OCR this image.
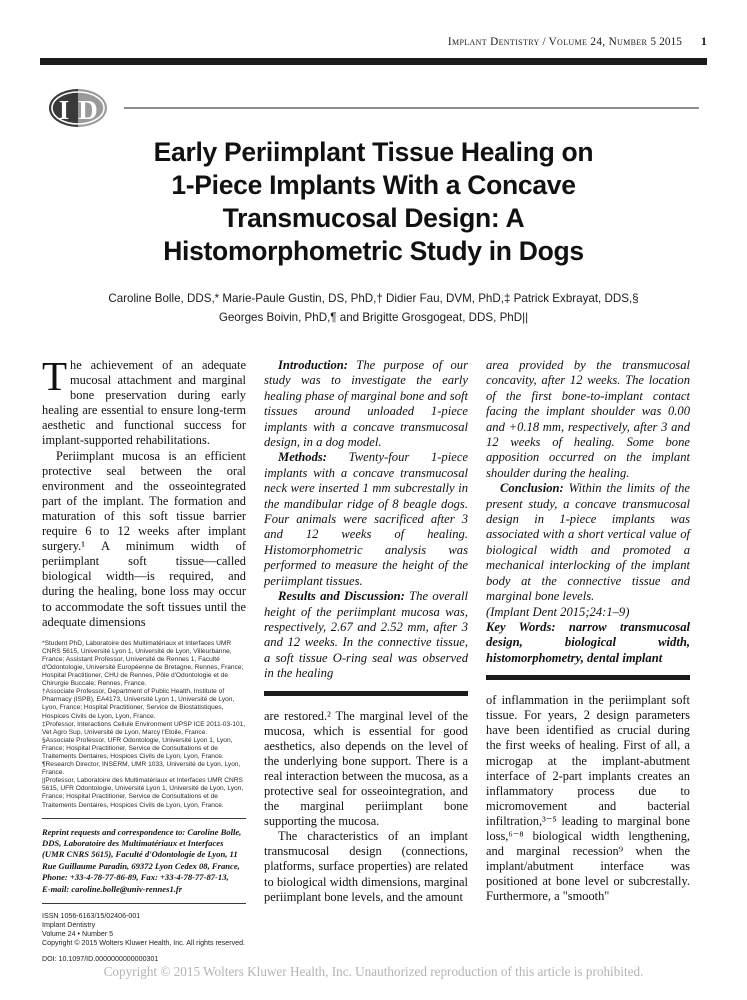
Implant Dentistry / Volume 24, Number 5 2015 1
I D
Early Periimplant Tissue Healing on
1-Piece Implants With a Concave
Transmucosal Design: A
Histomorphometric Study in Dogs
Caroline Bolle, DDS,* Marie-Paule Gustin, DS, PhD,† Didier Fau, DVM, PhD,‡ Patrick Exbrayat, DDS,§
Georges Boivin, PhD,¶ and Brigitte Grosgogeat, DDS, PhD||

The achievement of an adequate mucosal attachment and marginal bone preservation during early healing are essential to ensure long-term aesthetic and functional success for implant-supported rehabilitations.

Periimplant mucosa is an efficient protective seal between the oral environment and the osseointegrated part of the implant. The formation and maturation of this soft tissue barrier require 6 to 12 weeks after implant surgery.¹ A minimum width of periimplant soft tissue—called biological width—is required, and during the healing, bone loss may occur to accommodate the soft tissues until the adequate dimensions

*Student PhD, Laboratoire des Multimatériaux et Interfaces UMR CNRS 5615, Université Lyon 1, Université de Lyon, Villeurbanne, France; Assistant Professor, Université de Rennes 1, Faculté d'Odontologie, Université Européenne de Bretagne, Rennes, France; Hospital Practitioner, CHU de Rennes, Pôle d'Odontologie et de Chirurgie Buccale, Rennes, France.

†Associate Professor, Department of Public Health, Institute of Pharmacy (ISPB), EA4173, Université Lyon 1, Université de Lyon, Lyon, France; Hospital Practitioner, Service de Biostatistiques, Hospices Civils de Lyon, Lyon, France.

‡Professor, Interactions Cellule Environment UPSP ICE 2011-03-101, Vet Agro Sup, Université de Lyon, Marcy l'Etoile, France.

§Associate Professor, UFR Odontologie, Université Lyon 1, Lyon, France; Hospital Practitioner, Service de Consultations et de Traitements Dentaires, Hospices Civils de Lyon, Lyon, France.

¶Research Director, INSERM, UMR 1033, Université de Lyon, Lyon, France.

||Professor, Laboratoire des Multimatériaux et Interfaces UMR CNRS 5615, UFR Odontologie, Université Lyon 1, Université de Lyon, Lyon, France; Hospital Practitioner, Service de Consultations et de Traitements Dentaires, Hospices Civils de Lyon, Lyon, France.

Reprint requests and correspondence to: Caroline Bolle,

DDS, Laboratoire des Multimatériaux et Interfaces

(UMR CNRS 5615), Faculté d'Odontologie de Lyon, 11

Rue Guillaume Paradin, 69372 Lyon Cedex 08, France,

Phone: +33-4-78-77-86-89, Fax: +33-4-78-77-87-13,

E-mail: caroline.bolle@univ-rennes1.fr

ISSN 1056-6163/15/02406-001

Implant Dentistry

Volume 24 • Number 5

Copyright © 2015 Wolters Kluwer Health, Inc. All rights reserved.

DOI: 10.1097/ID.0000000000000301

Introduction: The purpose of our study was to investigate the early healing phase of marginal bone and soft tissues around unloaded 1-piece implants with a concave transmucosal design, in a dog model.

Methods: Twenty-four 1-piece implants with a concave transmucosal neck were inserted 1 mm subcrestally in the mandibular ridge of 8 beagle dogs. Four animals were sacrificed after 3 and 12 weeks of healing. Histomorphometric analysis was performed to measure the height of the periimplant tissues.

Results and Discussion: The overall height of the periimplant mucosa was, respectively, 2.67 and 2.52 mm, after 3 and 12 weeks. In the connective tissue, a soft tissue O-ring seal was observed in the healing

are restored.² The marginal level of the mucosa, which is essential for good aesthetics, also depends on the level of the underlying bone support. There is a real interaction between the mucosa, as a protective seal for osseointegration, and the marginal periimplant bone supporting the mucosa.

The characteristics of an implant transmucosal design (connections, platforms, surface properties) are related to biological width dimensions, marginal periimplant bone levels, and the amount

area provided by the transmucosal concavity, after 12 weeks. The location of the first bone-to-implant contact facing the implant shoulder was 0.00 and +0.18 mm, respectively, after 3 and 12 weeks of healing. Some bone apposition occurred on the implant shoulder during the healing.

Conclusion: Within the limits of the present study, a concave transmucosal design in 1-piece implants was associated with a short vertical value of biological width and promoted a mechanical interlocking of the implant body at the connective tissue and marginal bone levels.

(Implant Dent 2015;24:1–9)

Key Words: narrow transmucosal design, biological width, histomorphometry, dental implant

of inflammation in the periimplant soft tissue. For years, 2 design parameters have been identified as crucial during the first weeks of healing. First of all, a microgap at the implant-abutment interface of 2-part implants creates an inflammatory process due to micromovement and bacterial infiltration,³⁻⁵ leading to marginal bone loss,⁶⁻⁸ biological width lengthening, and marginal recession⁹ when the implant/abutment interface was positioned at bone level or subcrestally. Furthermore, a "smooth"

Copyright © 2015 Wolters Kluwer Health, Inc. Unauthorized reproduction of this article is prohibited.
